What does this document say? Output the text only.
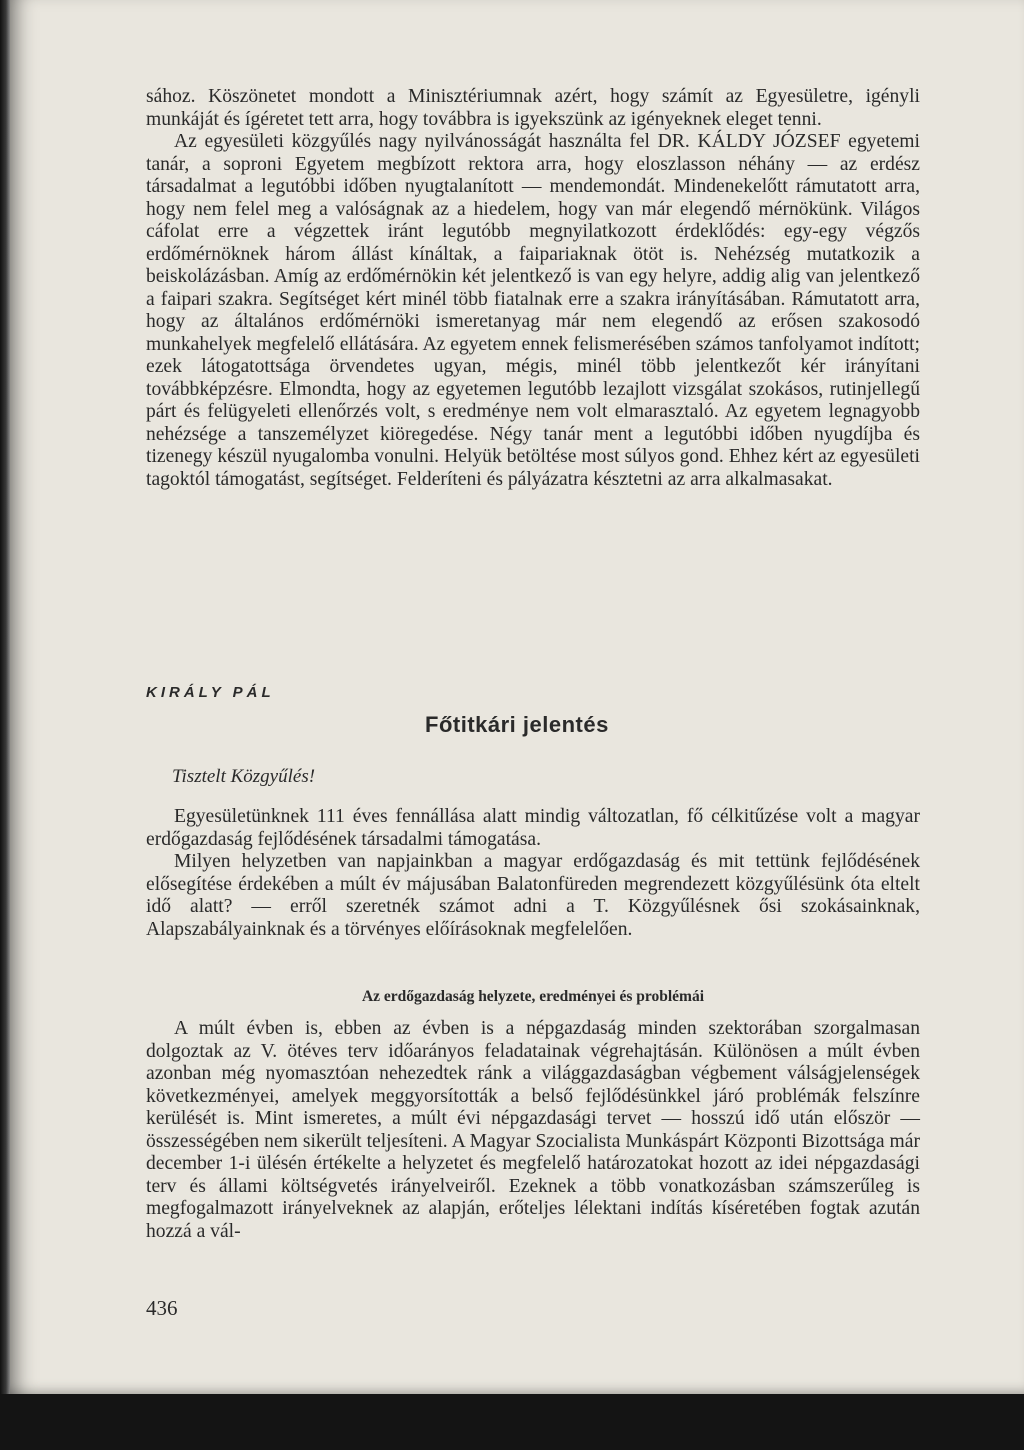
sához. Köszönetet mondott a Minisztériumnak azért, hogy számít az Egyesületre, igényli munkáját és ígéretet tett arra, hogy továbbra is igyekszünk az igényeknek eleget tenni.

Az egyesületi közgyűlés nagy nyilvánosságát használta fel DR. KÁLDY JÓZSEF egyetemi tanár, a soproni Egyetem megbízott rektora arra, hogy eloszlasson néhány — az erdész társadalmat a legutóbbi időben nyugtalanított — mendemondát. Mindenekelőtt rámutatott arra, hogy nem felel meg a valóságnak az a hiedelem, hogy van már elegendő mérnökünk. Világos cáfolat erre a végzettek iránt legutóbb megnyilatkozott érdeklődés: egy-egy végzős erdőmérnöknek három állást kínáltak, a faipariaknak ötöt is. Nehézség mutatkozik a beiskolázásban. Amíg az erdőmérnökin két jelentkező is van egy helyre, addig alig van jelentkező a faipari szakra. Segítséget kért minél több fiatalnak erre a szakra irányításában. Rámutatott arra, hogy az általános erdőmérnöki ismeretanyag már nem elegendő az erősen szakosodó munkahelyek megfelelő ellátására. Az egyetem ennek felismerésében számos tanfolyamot indított; ezek látogatottsága örvendetes ugyan, mégis, minél több jelentkezőt kér irányítani továbbképzésre. Elmondta, hogy az egyetemen legutóbb lezajlott vizsgálat szokásos, rutinjellegű párt és felügyeleti ellenőrzés volt, s eredménye nem volt elmarasztaló. Az egyetem legnagyobb nehézsége a tanszemélyzet kiöregedése. Négy tanár ment a legutóbbi időben nyugdíjba és tizenegy készül nyugalomba vonulni. Helyük betöltése most súlyos gond. Ehhez kért az egyesületi tagoktól támogatást, segítséget. Felderíteni és pályázatra késztetni az arra alkalmasakat.

KIRÁLY PÁL
Főtitkári jelentés
Tisztelt Közgyűlés!

Egyesületünknek 111 éves fennállása alatt mindig változatlan, fő célkitűzése volt a magyar erdőgazdaság fejlődésének társadalmi támogatása.

Milyen helyzetben van napjainkban a magyar erdőgazdaság és mit tettünk fejlődésének elősegítése érdekében a múlt év májusában Balatonfüreden megrendezett közgyűlésünk óta eltelt idő alatt? — erről szeretnék számot adni a T. Közgyűlésnek ősi szokásainknak, Alapszabályainknak és a törvényes előírásoknak megfelelően.

Az erdőgazdaság helyzete, eredményei és problémái

A múlt évben is, ebben az évben is a népgazdaság minden szektorában szorgalmasan dolgoztak az V. ötéves terv időarányos feladatainak végrehajtásán. Különösen a múlt évben azonban még nyomasztóan nehezedtek ránk a világgazdaságban végbement válságjelenségek következményei, amelyek meggyorsították a belső fejlődésünkkel járó problémák felszínre kerülését is. Mint ismeretes, a múlt évi népgazdasági tervet — hosszú idő után először — összességében nem sikerült teljesíteni. A Magyar Szocialista Munkáspárt Központi Bizottsága már december 1-i ülésén értékelte a helyzetet és megfelelő határozatokat hozott az idei népgazdasági terv és állami költségvetés irányelveiről. Ezeknek a több vonatkozásban számszerűleg is megfogalmazott irányelveknek az alapján, erőteljes lélektani indítás kíséretében fogtak azután hozzá a vál-

436
